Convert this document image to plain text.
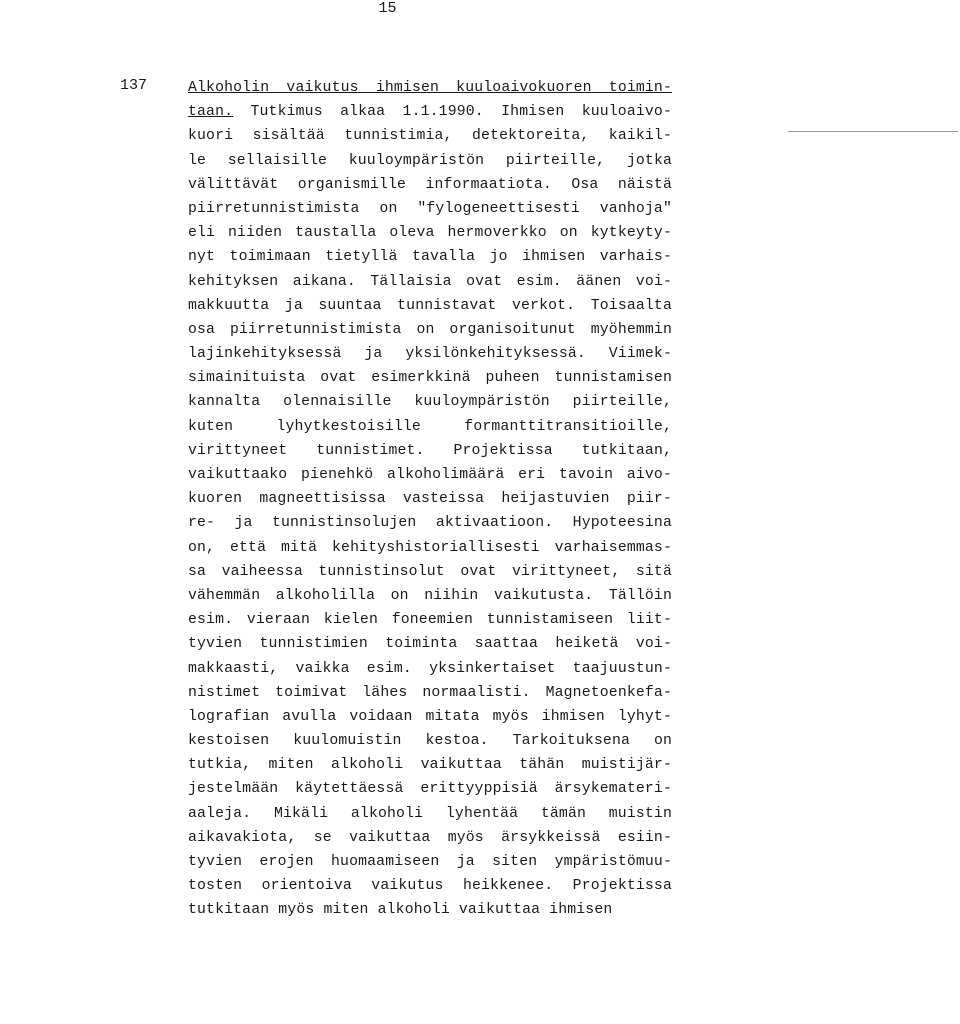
15
137	Alkoholin vaikutus ihmisen kuuloaivokuoren toimin-
taan. Tutkimus alkaa 1.1.1990. Ihmisen kuuloaivo-
kuori sisältää tunnistimia, detektoreita, kaikil-
le sellaisille kuuloympäristön piirteille, jotka
välittävät organismille informaatiota. Osa näistä
piirretunnistimista on "fylogeneettisesti vanhoja"
eli niiden taustalla oleva hermoverkko on kytkeyty-
nyt toimimaan tietyllä tavalla jo ihmisen varhais-
kehityksen aikana. Tällaisia ovat esim. äänen voi-
makkuutta ja suuntaa tunnistavat verkot. Toisaalta
osa piirretunnistimista on organisoitunut myöhemmin
lajinkehityksessä ja yksilönkehityksessä. Viimek-
simainituista ovat esimerkkinä puheen tunnistamisen
kannalta olennaisille kuuloympäristön piirteille,
kuten lyhytkestoisille formanttitransitioille,
virittyneet tunnistimet. Projektissa tutkitaan,
vaikuttaako pienehkö alkoholimäärä eri tavoin aivo-
kuoren magneettisissa vasteissa heijastuvien piir-
re- ja tunnistinsolujen aktivaatioon. Hypoteesina
on, että mitä kehityshistoriallisesti varhaisemmas-
sa vaiheessa tunnistinsolut ovat virittyneet, sitä
vähemmän alkoholilla on niihin vaikutusta. Tällöin
esim. vieraan kielen foneemien tunnistamiseen liit-
tyvien tunnistimien toiminta saattaa heiketä voi-
makkaasti, vaikka esim. yksinkertaiset taajuustun-
nistimet toimivat lähes normaalisti. Magnetoenkefa-
lografian avulla voidaan mitata myös ihmisen lyhyt-
kestoisen kuulomuistin kestoa. Tarkoituksena on
tutkia, miten alkoholi vaikuttaa tähän muistijär-
jestelmään käytettäessä erittyyppisiä ärsykemateri-
aaleja. Mikäli alkoholi lyhentää tämän muistin
aikavakiota, se vaikuttaa myös ärsykkeissä esiin-
tyvien erojen huomaamiseen ja siten ympäristömuu-
tosten orientoiva vaikutus heikkenee. Projektissa
tutkitaan myös miten alkoholi vaikuttaa ihmisen
